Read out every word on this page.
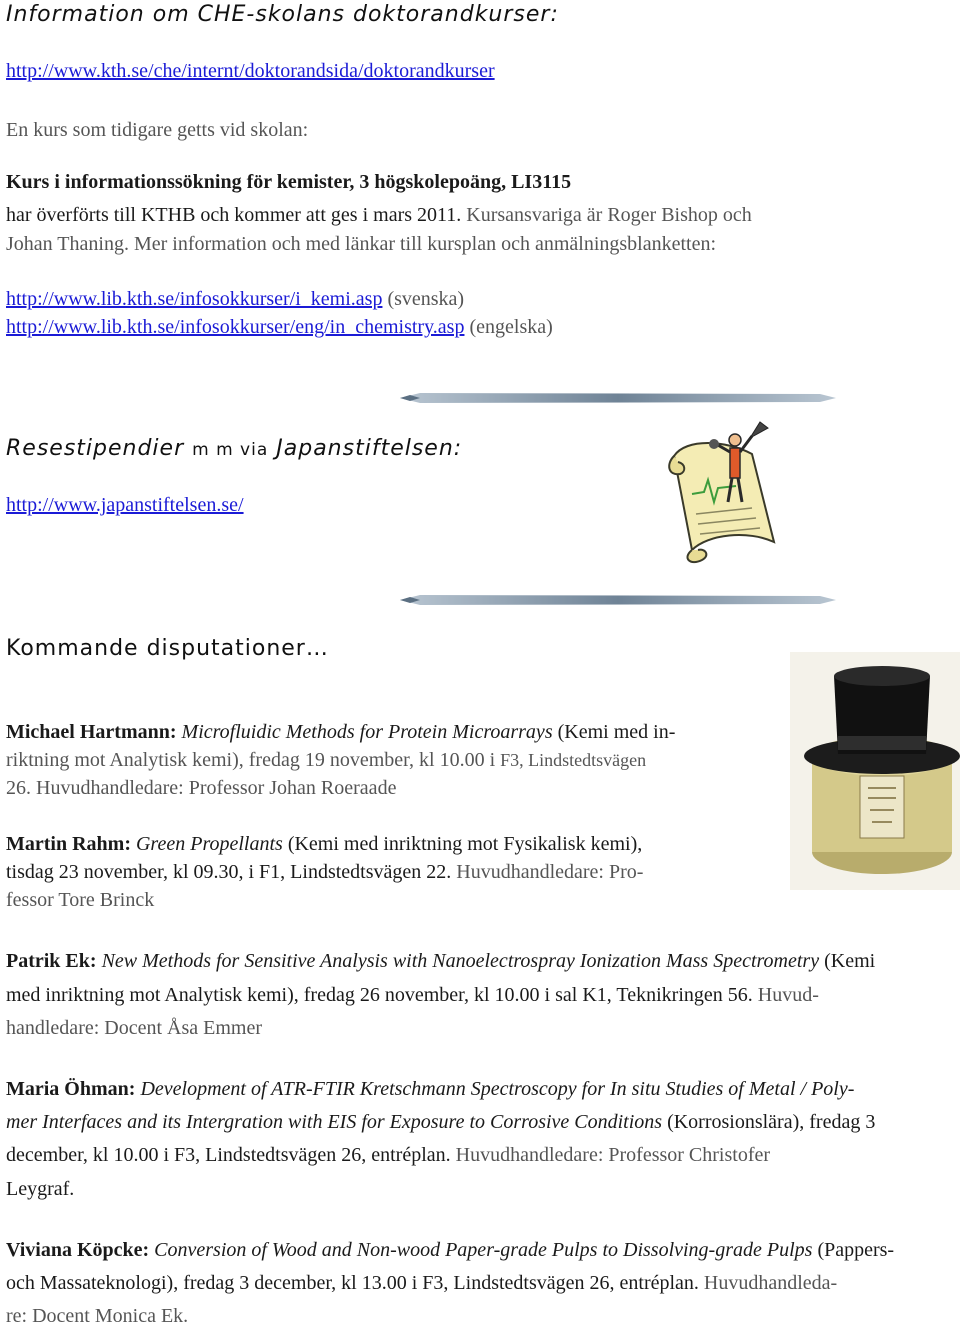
Information om CHE-skolans doktorandkurser:
http://www.kth.se/che/internt/doktorandsida/doktorandkurser
En kurs som tidigare getts vid skolan:
Kurs i informationssökning för kemister, 3 högskolepoäng, LI3115
har överförts till KTHB och kommer att ges i mars 2011. Kursansvariga är Roger Bishop och
Johan Thaning. Mer information och med länkar till kursplan och anmälningsblanketten:
http://www.lib.kth.se/infosokkurser/i_kemi.asp (svenska)
http://www.lib.kth.se/infosokkurser/eng/in_chemistry.asp (engelska)
Resestipendier m m via Japanstiftelsen:
http://www.japanstiftelsen.se/
Kommande disputationer…
Michael Hartmann: Microfluidic Methods for Protein Microarrays (Kemi med in-
riktning mot Analytisk kemi), fredag 19 november, kl 10.00 i F3, Lindstedtsvägen
26. Huvudhandledare: Professor Johan Roeraade
Martin Rahm: Green Propellants (Kemi med inriktning mot Fysikalisk kemi),
tisdag 23 november, kl 09.30, i F1, Lindstedtsvägen 22. Huvudhandledare: Pro-
fessor Tore Brinck
Patrik Ek: New Methods for Sensitive Analysis with Nanoelectrospray Ionization Mass Spectrometry (Kemi
med inriktning mot Analytisk kemi), fredag 26 november, kl 10.00 i sal K1, Teknikringen 56. Huvud-
handledare: Docent Åsa Emmer
Maria Öhman: Development of ATR-FTIR Kretschmann Spectroscopy for In situ Studies of Metal / Poly-
mer Interfaces and its Intergration with EIS for Exposure to Corrosive Conditions (Korrosionslära), fredag 3
december, kl 10.00 i F3, Lindstedtsvägen 26, entréplan. Huvudhandledare: Professor Christofer
Leygraf.
Viviana Köpcke: Conversion of Wood and Non-wood Paper-grade Pulps to Dissolving-grade Pulps (Pappers-
och Massateknologi), fredag 3 december, kl 13.00 i F3, Lindstedtsvägen 26, entréplan. Huvudhandleda-
re: Docent Monica Ek.
